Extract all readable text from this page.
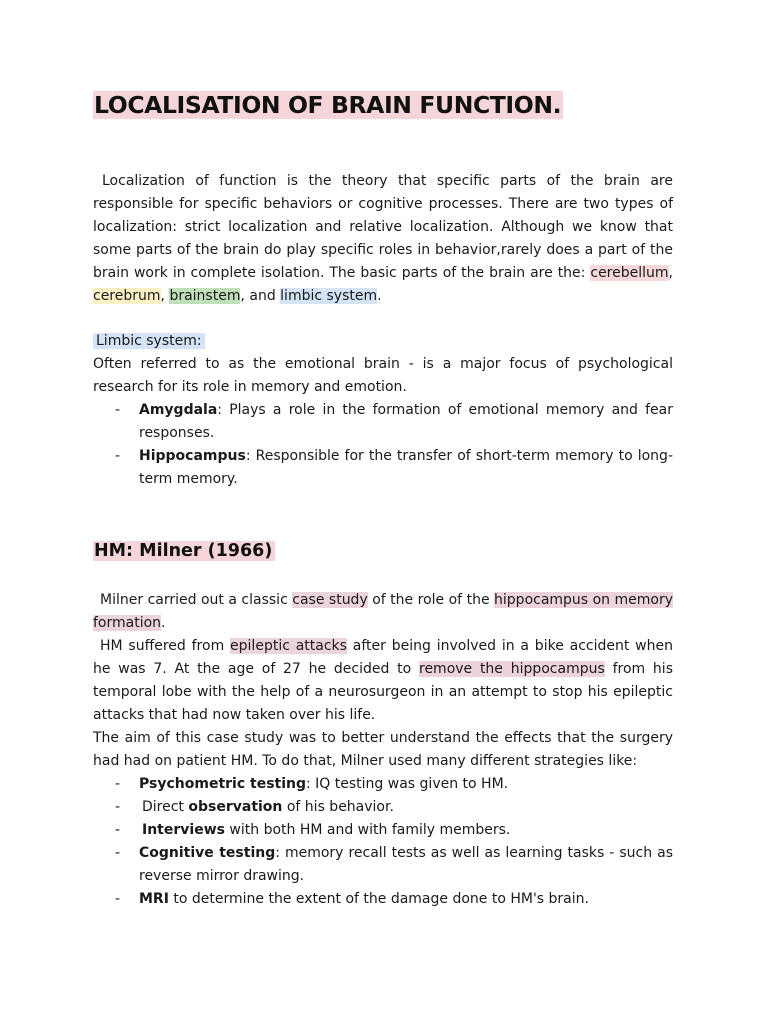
LOCALISATION OF BRAIN FUNCTION.

Localization of function is the theory that specific parts of the brain are responsible for specific behaviors or cognitive processes. There are two types of localization: strict localization and relative localization. Although we know that some parts of the brain do play specific roles in behavior,rarely does a part of the brain work in complete isolation. The basic parts of the brain are the: cerebellum, cerebrum, brainstem, and limbic system.

Limbic system:
Often referred to as the emotional brain - is a major focus of psychological research for its role in memory and emotion.
- Amygdala: Plays a role in the formation of emotional memory and fear responses.
- Hippocampus: Responsible for the transfer of short-term memory to long-term memory.
HM: Milner (1966)

Milner carried out a classic case study of the role of the hippocampus on memory formation.

HM suffered from epileptic attacks after being involved in a bike accident when he was 7. At the age of 27 he decided to remove the hippocampus from his temporal lobe with the help of a neurosurgeon in an attempt to stop his epileptic attacks that had now taken over his life.

The aim of this case study was to better understand the effects that the surgery had had on patient HM. To do that, Milner used many different strategies like:

- Psychometric testing: IQ testing was given to HM.
- Direct observation of his behavior.
- Interviews with both HM and with family members.
- Cognitive testing: memory recall tests as well as learning tasks - such as reverse mirror drawing.
- MRI to determine the extent of the damage done to HM's brain.
